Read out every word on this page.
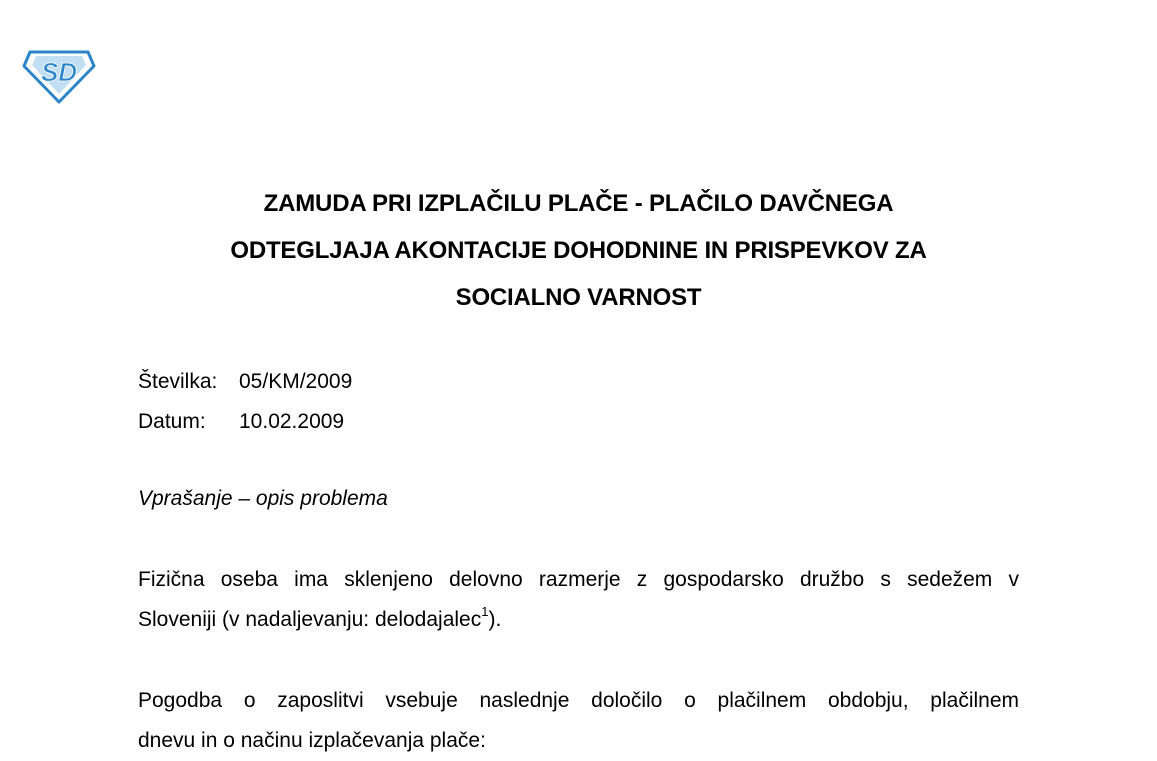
SD
ZAMUDA PRI IZPLAČILU PLAČE - PLAČILO DAVČNEGA
ODTEGLJAJA AKONTACIJE DOHODNINE IN PRISPEVKOV ZA
SOCIALNO VARNOST
Številka:	05/KM/2009
Datum:	10.02.2009
Vprašanje – opis problema
Fizična oseba ima sklenjeno delovno razmerje z gospodarsko družbo s sedežem v
Sloveniji (v nadaljevanju: delodajalec$^1$).
Pogodba o zaposlitvi vsebuje naslednje določilo o plačilnem obdobju, plačilnem
dnevu in o načinu izplačevanja plače:
